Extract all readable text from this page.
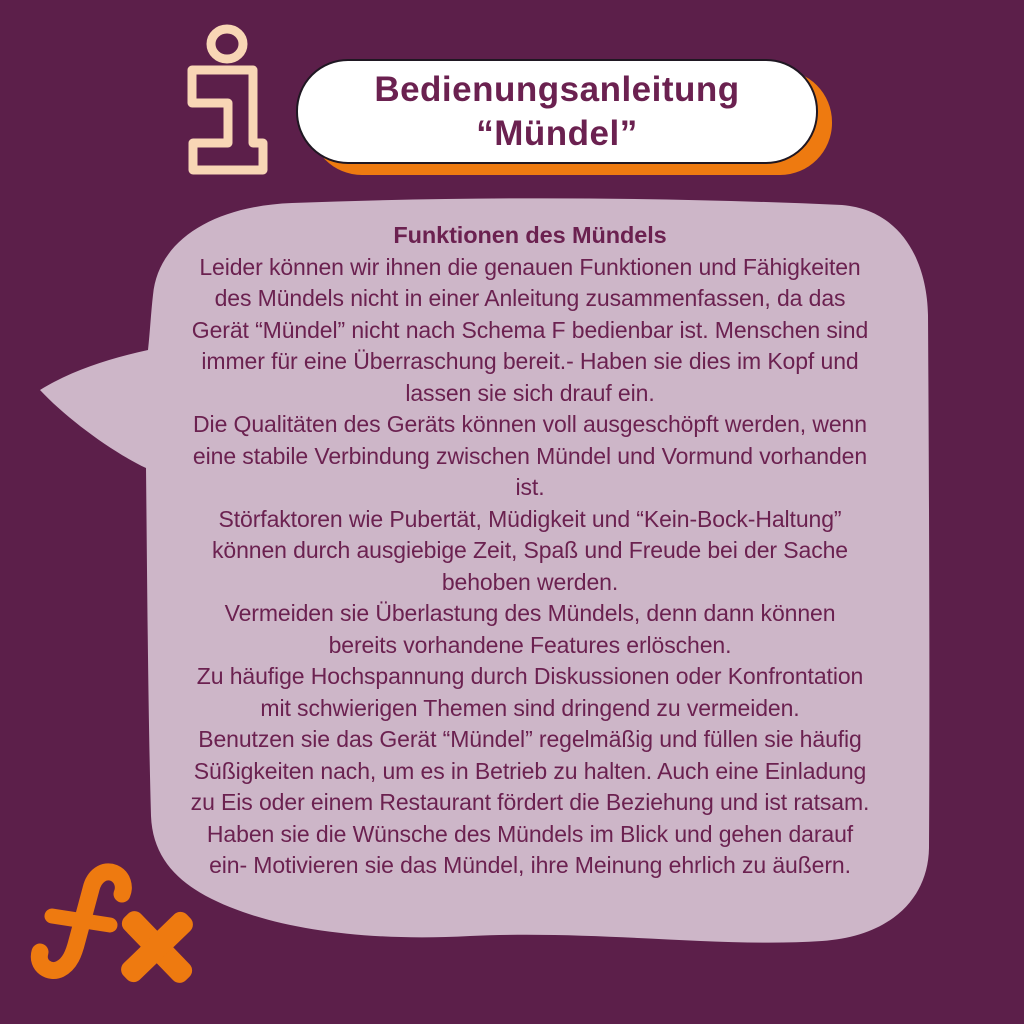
Bedienungsanleitung
“Mündel”
Funktionen des Mündels
Leider können wir ihnen die genauen Funktionen und Fähigkeiten
des Mündels nicht in einer Anleitung zusammenfassen, da das
Gerät “Mündel” nicht nach Schema F bedienbar ist. Menschen sind
immer für eine Überraschung bereit.- Haben sie dies im Kopf und
lassen sie sich drauf ein.
Die Qualitäten des Geräts können voll ausgeschöpft werden, wenn
eine stabile Verbindung zwischen Mündel und Vormund vorhanden
ist.
Störfaktoren wie Pubertät, Müdigkeit und “Kein-Bock-Haltung”
können durch ausgiebige Zeit, Spaß und Freude bei der Sache
behoben werden.
Vermeiden sie Überlastung des Mündels, denn dann können
bereits vorhandene Features erlöschen.
Zu häufige Hochspannung durch Diskussionen oder Konfrontation
mit schwierigen Themen sind dringend zu vermeiden.
Benutzen sie das Gerät “Mündel” regelmäßig und füllen sie häufig
Süßigkeiten nach, um es in Betrieb zu halten. Auch eine Einladung
zu Eis oder einem Restaurant fördert die Beziehung und ist ratsam.
Haben sie die Wünsche des Mündels im Blick und gehen darauf
ein- Motivieren sie das Mündel, ihre Meinung ehrlich zu äußern.
